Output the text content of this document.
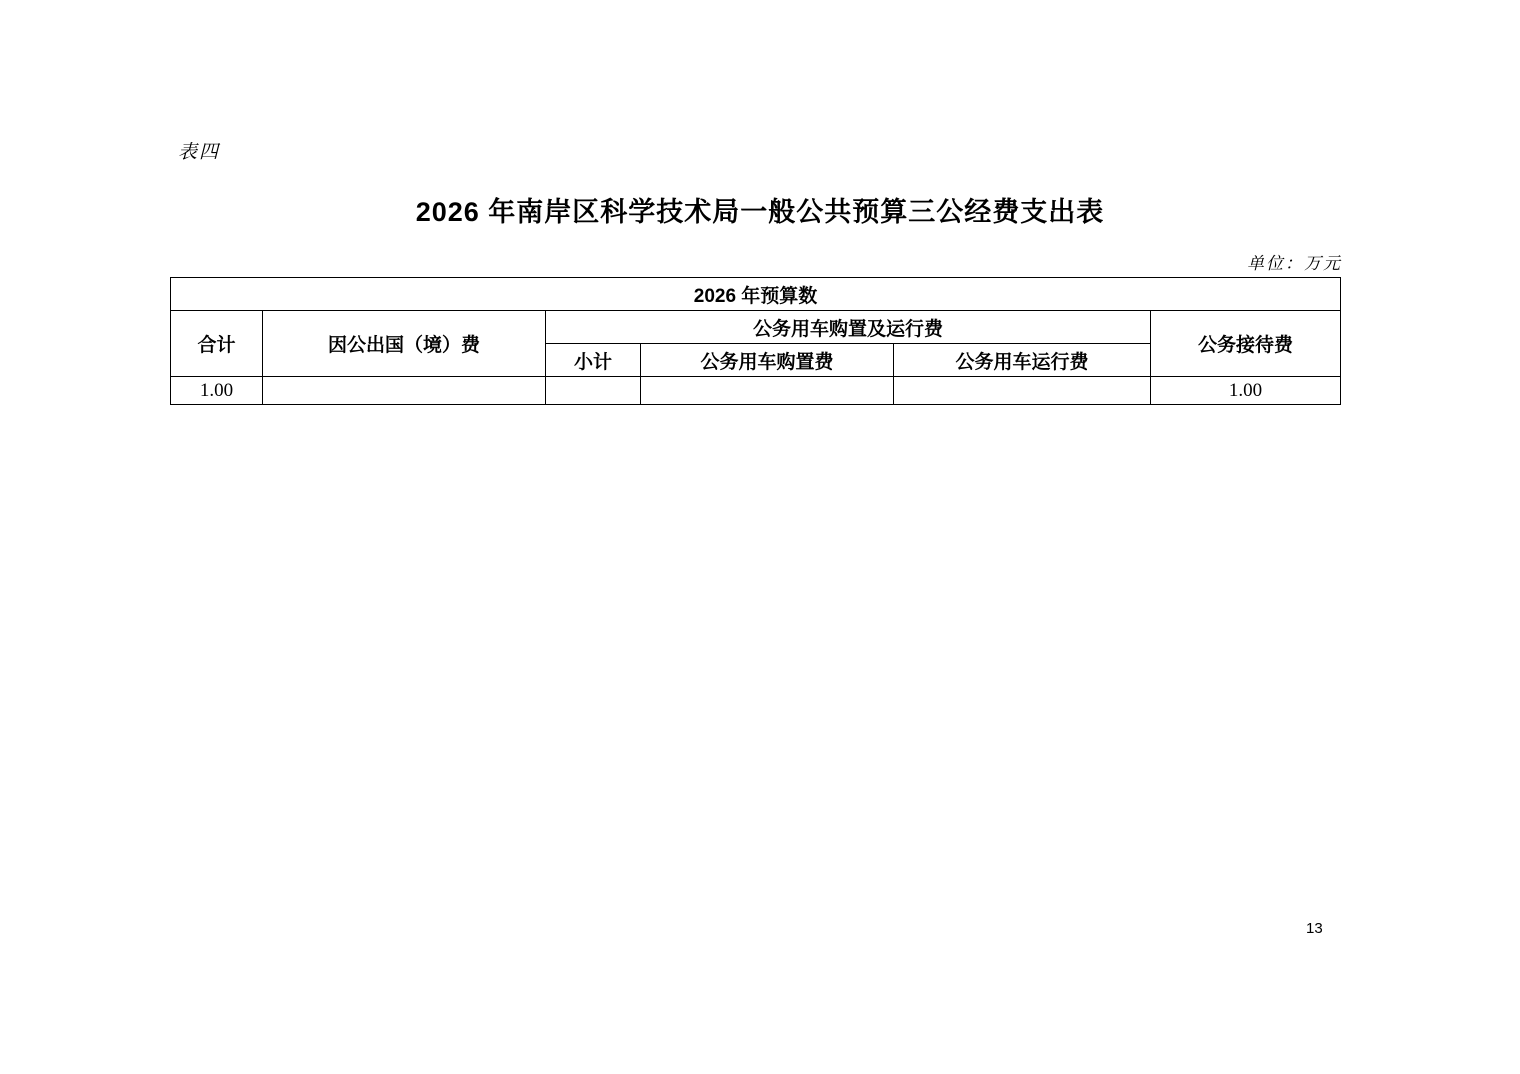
表四
2026 年南岸区科学技术局一般公共预算三公经费支出表
单位：万元
2026 年预算数					
合计	因公出国（境）费	公务用车购置及运行费			公务接待费
		小计	公务用车购置费	公务用车运行费	
1.00					1.00
13
